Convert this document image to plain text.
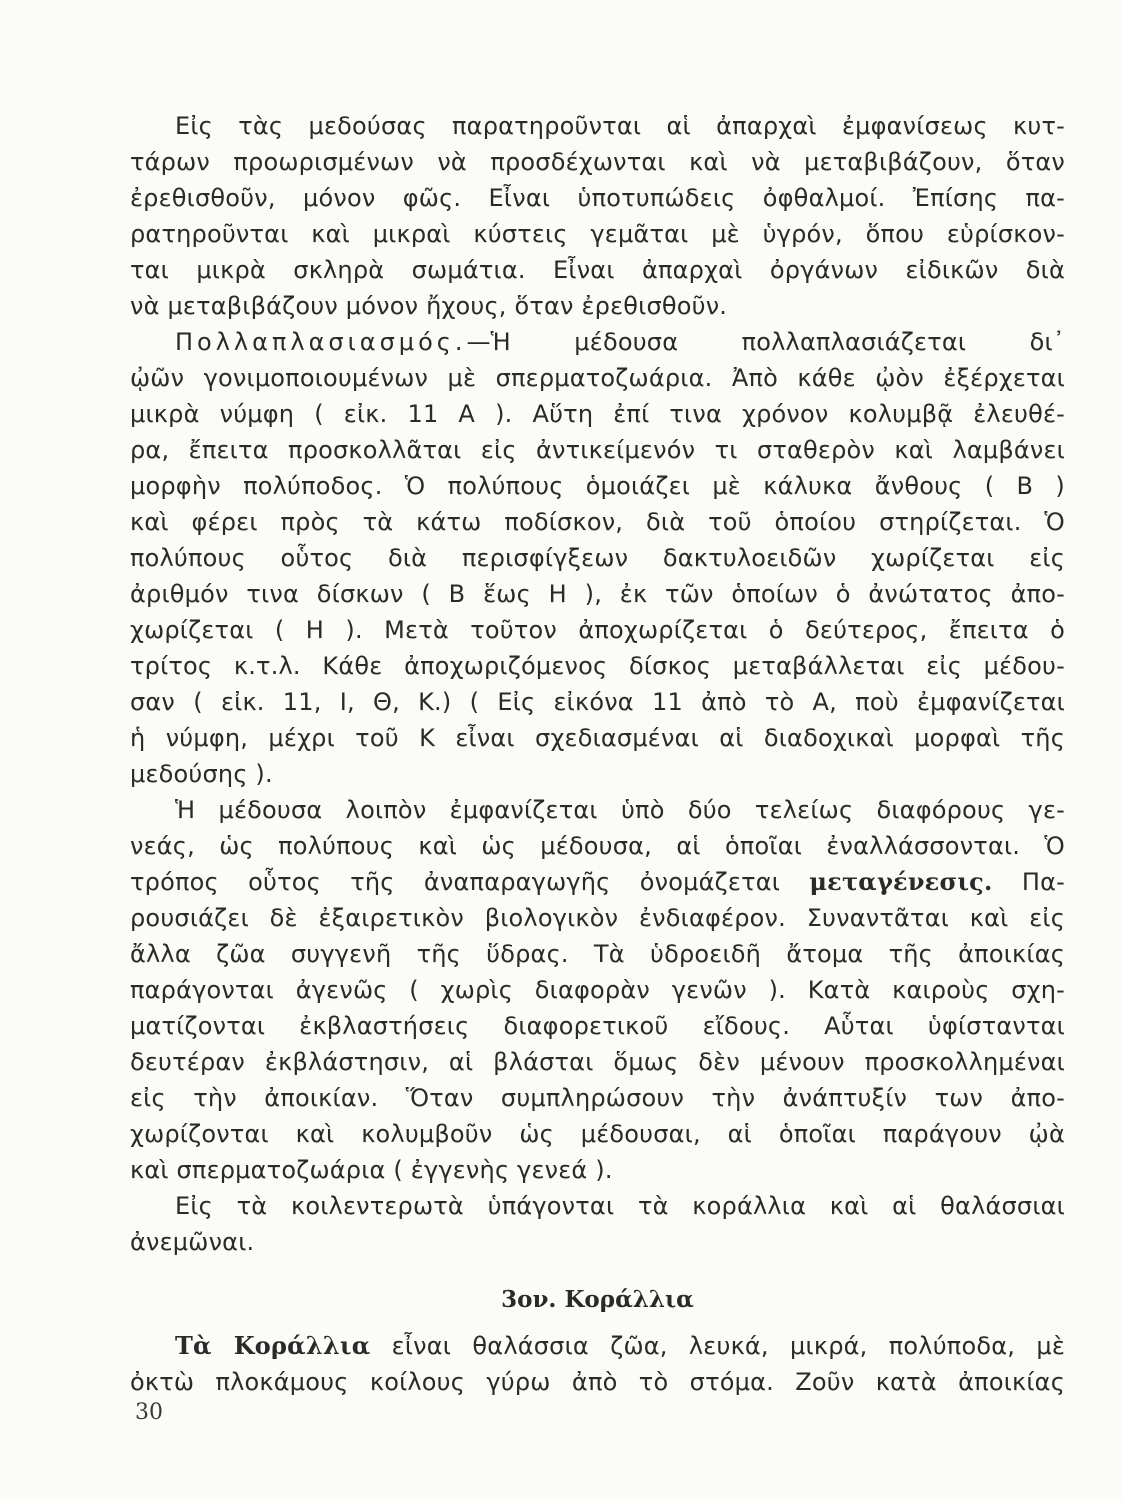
Εἰς τὰς μεδούσας παρατηροῦνται αἱ ἀπαρχαὶ ἐμφανίσεως κυτ-
τάρων προωρισμένων νὰ προσδέχωνται καὶ νὰ μεταβιβάζουν, ὅταν
ἐρεθισθοῦν, μόνον φῶς. Εἶναι ὑποτυπώδεις ὀφθαλμοί. Ἐπίσης πα-
ρατηροῦνται καὶ μικραὶ κύστεις γεμᾶται μὲ ὑγρόν, ὅπου εὑρίσκον-
ται μικρὰ σκληρὰ σωμάτια. Εἶναι ἀπαρχαὶ ὀργάνων εἰδικῶν διὰ
νὰ μεταβιβάζουν μόνον ἤχους, ὅταν ἐρεθισθοῦν.
Πολλαπλασιασμός.—Ἡ μέδουσα πολλαπλασιάζεται δι᾽
ᾠῶν γονιμοποιουμένων μὲ σπερματοζωάρια. Ἀπὸ κάθε ᾠὸν ἐξέρχεται
μικρὰ νύμφη ( εἰκ. 11 Α ). Αὕτη ἐπί τινα χρόνον κολυμβᾷ ἐλευθέ-
ρα, ἔπειτα προσκολλᾶται εἰς ἀντικείμενόν τι σταθερὸν καὶ λαμβάνει
μορφὴν πολύποδος. Ὁ πολύπους ὁμοιάζει μὲ κάλυκα ἄνθους ( Β )
καὶ φέρει πρὸς τὰ κάτω ποδίσκον, διὰ τοῦ ὁποίου στηρίζεται. Ὁ
πολύπους οὗτος διὰ περισφίγξεων δακτυλοειδῶν χωρίζεται εἰς
ἀριθμόν τινα δίσκων ( Β ἕως Η ), ἐκ τῶν ὁποίων ὁ ἀνώτατος ἀπο-
χωρίζεται ( Η ). Μετὰ τοῦτον ἀποχωρίζεται ὁ δεύτερος, ἔπειτα ὁ
τρίτος κ.τ.λ. Κάθε ἀποχωριζόμενος δίσκος μεταβάλλεται εἰς μέδου-
σαν ( εἰκ. 11, Ι, Θ, Κ.) ( Εἰς εἰκόνα 11 ἀπὸ τὸ Α, ποὺ ἐμφανίζεται
ἡ νύμφη, μέχρι τοῦ Κ εἶναι σχεδιασμέναι αἱ διαδοχικαὶ μορφαὶ τῆς
μεδούσης ).
Ἡ μέδουσα λοιπὸν ἐμφανίζεται ὑπὸ δύο τελείως διαφόρους γε-
νεάς, ὡς πολύπους καὶ ὡς μέδουσα, αἱ ὁποῖαι ἐναλλάσσονται. Ὁ
τρόπος οὗτος τῆς ἀναπαραγωγῆς ὀνομάζεται μεταγένεσις. Πα-
ρουσιάζει δὲ ἐξαιρετικὸν βιολογικὸν ἐνδιαφέρον. Συναντᾶται καὶ εἰς
ἄλλα ζῶα συγγενῆ τῆς ὕδρας. Τὰ ὑδροειδῆ ἄτομα τῆς ἀποικίας
παράγονται ἀγενῶς ( χωρὶς διαφορὰν γενῶν ). Κατὰ καιροὺς σχη-
ματίζονται ἐκβλαστήσεις διαφορετικοῦ εἴδους. Αὗται ὑφίστανται
δευτέραν ἐκβλάστησιν, αἱ βλάσται ὅμως δὲν μένουν προσκολλημέναι
εἰς τὴν ἀποικίαν. Ὅταν συμπληρώσουν τὴν ἀνάπτυξίν των ἀπο-
χωρίζονται καὶ κολυμβοῦν ὡς μέδουσαι, αἱ ὁποῖαι παράγουν ᾠὰ
καὶ σπερματοζωάρια ( ἐγγενὴς γενεά ).
Εἰς τὰ κοιλεντερωτὰ ὑπάγονται τὰ κοράλλια καὶ αἱ θαλάσσιαι
ἀνεμῶναι.
3ον. Κοράλλια
Τὰ Κοράλλια εἶναι θαλάσσια ζῶα, λευκά, μικρά, πολύποδα, μὲ
ὀκτὼ πλοκάμους κοίλους γύρω ἀπὸ τὸ στόμα. Ζοῦν κατὰ ἀποικίας
30
